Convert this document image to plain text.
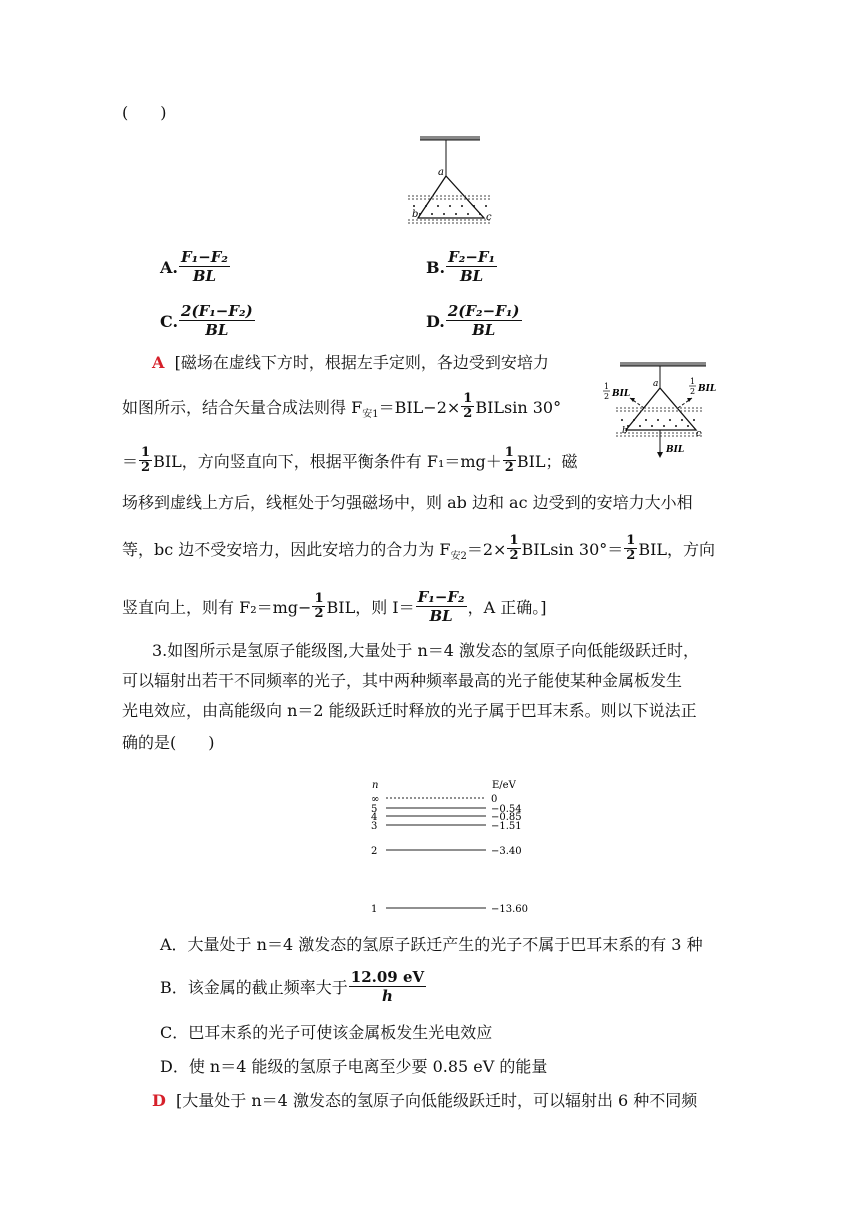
(　　)
a
b	c
A. $\frac{\text{F₁−F₂}}{BL}$	B. $\frac{\text{F₂−F₁}}{BL}$
C. $\frac{\text{2(F₁−F₂)}}{BL}$	D. $\frac{\text{2(F₂−F₁)}}{BL}$
A [磁场在虚线下方时，根据左手定则，各边受到安培力
如图所示，结合矢量合成法则得 $F_{安1}=BIL-2\times \frac{1}{2}$ BILsin 30°
＝ $\frac{1}{2}$ BIL，方向竖直向下，根据平衡条件有 $F_1=mg+ \frac{1}{2}$ BIL；磁
场移到虚线上方后，线框处于匀强磁场中，则 ab 边和 ac 边受到的安培力大小相
等，bc 边不受安培力，因此安培力的合力为 $F_{安2}=2\times \frac{1}{2}$ BILsin $30^\circ= \frac{1}{2}$ BIL，方向
竖直向上，则有 $F_2=mg- \frac{1}{2}$ BIL，则 $I= \frac{\text{F₁−F₂}}{BL}$ ，A 正确。]
a
b	c
1
2 BIL
1
2 BIL
BIL
3.如图所示是氢原子能级图,大量处于 n＝4 激发态的氢原子向低能级跃迁时，
可以辐射出若干不同频率的光子，其中两种频率最高的光子能使某种金属板发生
光电效应，由高能级向 n＝2 能级跃迁时释放的光子属于巴耳末系。则以下说法正
确的是(　　)
n	E/eV
∞	0
5	−0.54
4	−0.85
3	−1.51
2	−3.40
1	−13.60
A．大量处于 n＝4 激发态的氢原子跃迁产生的光子不属于巴耳末系的有 3 种
B．该金属的截止频率大于 $\frac{12.09 eV}{h}$
C．巴耳末系的光子可使该金属板发生光电效应
D．使 n＝4 能级的氢原子电离至少要 0.85 eV 的能量
D [大量处于 n＝4 激发态的氢原子向低能级跃迁时，可以辐射出 6 种不同频
